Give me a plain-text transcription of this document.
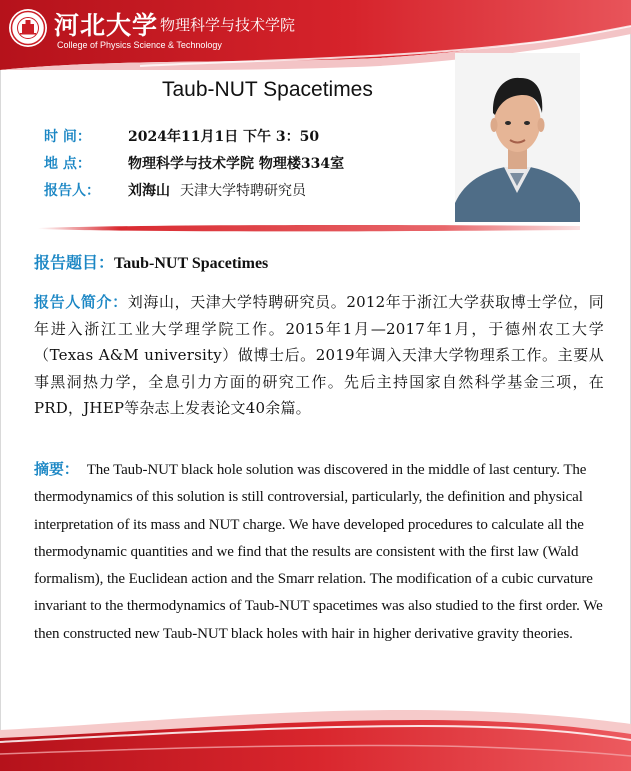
河北大学 物理科学与技术学院
College of Physics Science & Technology
Taub-NUT Spacetimes
时 间：	2024年11月1日 下午 3：50
地 点：	物理科学与技术学院 物理楼334室
报告人： 刘海山 天津大学特聘研究员
报告题目：Taub-NUT Spacetimes

报告人简介：刘海山，天津大学特聘研究员。2012年于浙江大学获取博士学位，同年进入浙江工业大学理学院工作。2015年1月—2017年1月，于德州农工大学（Texas A&M university）做博士后。2019年调入天津大学物理系工作。主要从事黑洞热力学，全息引力方面的研究工作。先后主持国家自然科学基金三项，在PRD，JHEP等杂志上发表论文40余篇。

摘要： The Taub-NUT black hole solution was discovered in the middle of last century. The thermodynamics of this solution is still controversial, particularly, the definition and physical interpretation of its mass and NUT charge. We have developed procedures to calculate all the thermodynamic quantities and we find that the results are consistent with the first law (Wald formalism), the Euclidean action and the Smarr relation. The modification of a cubic curvature invariant to the thermodynamics of Taub-NUT spacetimes was also studied to the first order. We then constructed new Taub-NUT black holes with hair in higher derivative gravity theories.
